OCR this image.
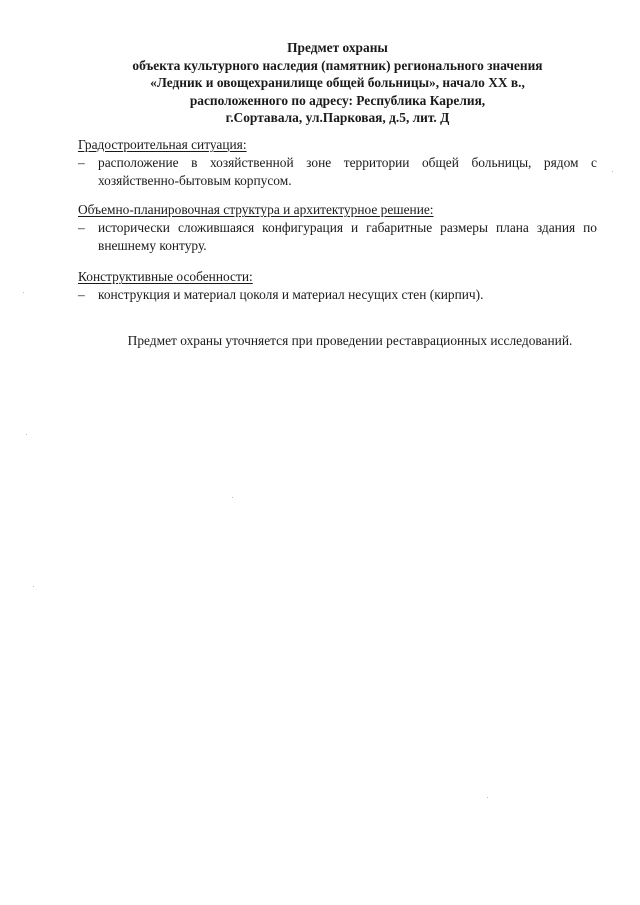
Предмет охраны
объекта культурного наследия (памятник) регионального значения
«Ледник и овощехранилище общей больницы», начало XX в.,
расположенного по адресу: Республика Карелия,
г.Сортавала, ул.Парковая, д.5, лит. Д
Градостроительная ситуация:
– расположение в хозяйственной зоне территории общей больницы, рядом с хозяйственно-бытовым корпусом.
Объемно-планировочная структура и архитектурное решение:
– исторически сложившаяся конфигурация и габаритные размеры плана здания по внешнему контуру.
Конструктивные особенности:
– конструкция и материал цоколя и материал несущих стен (кирпич).
Предмет охраны уточняется при проведении реставрационных исследований.
